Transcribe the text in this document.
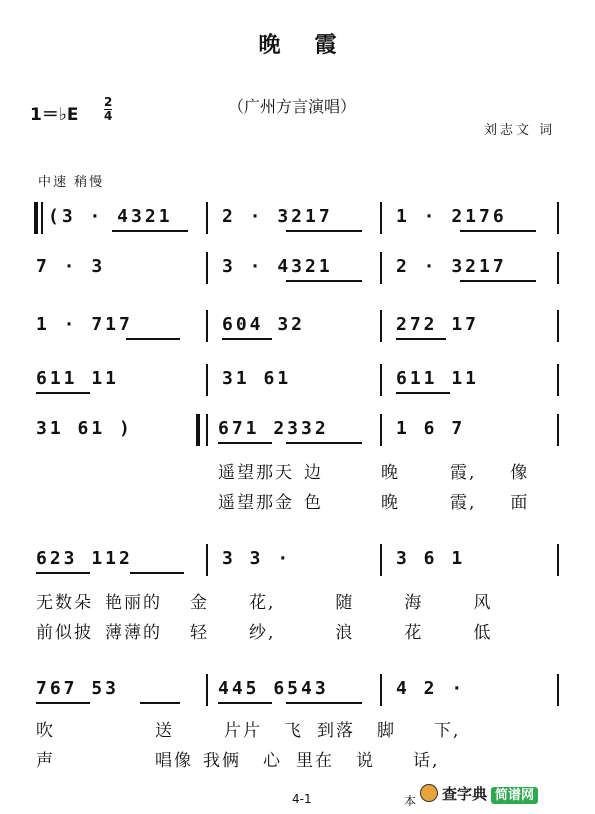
晚霞
1＝♭E
2
4	（广州方言演唱）
刘志文 词
中速 稍慢
(3 · 4321	2 · 3217	1 · 2176
7 · 3	3 · 4321	2 · 3217
1 · 717	604 32	272 17
611 11	31 61	611 11
31 61 )	671 2332	1 6 7
遥望那天 边	晚	霞, 像
遥望那金 色	晚	霞, 面
623 112	3 3 ·	3 6 1
无数朵 艳丽的 金 花,	随	海	风
前似披 薄薄的 轻 纱,	浪	花	低
767 53	445 6543	4 2 ·
吹	送	片片 飞 到落 脚 下,
声	唱像 我俩 心 里在 说 话,
4-1	本	查字典 简谱网
